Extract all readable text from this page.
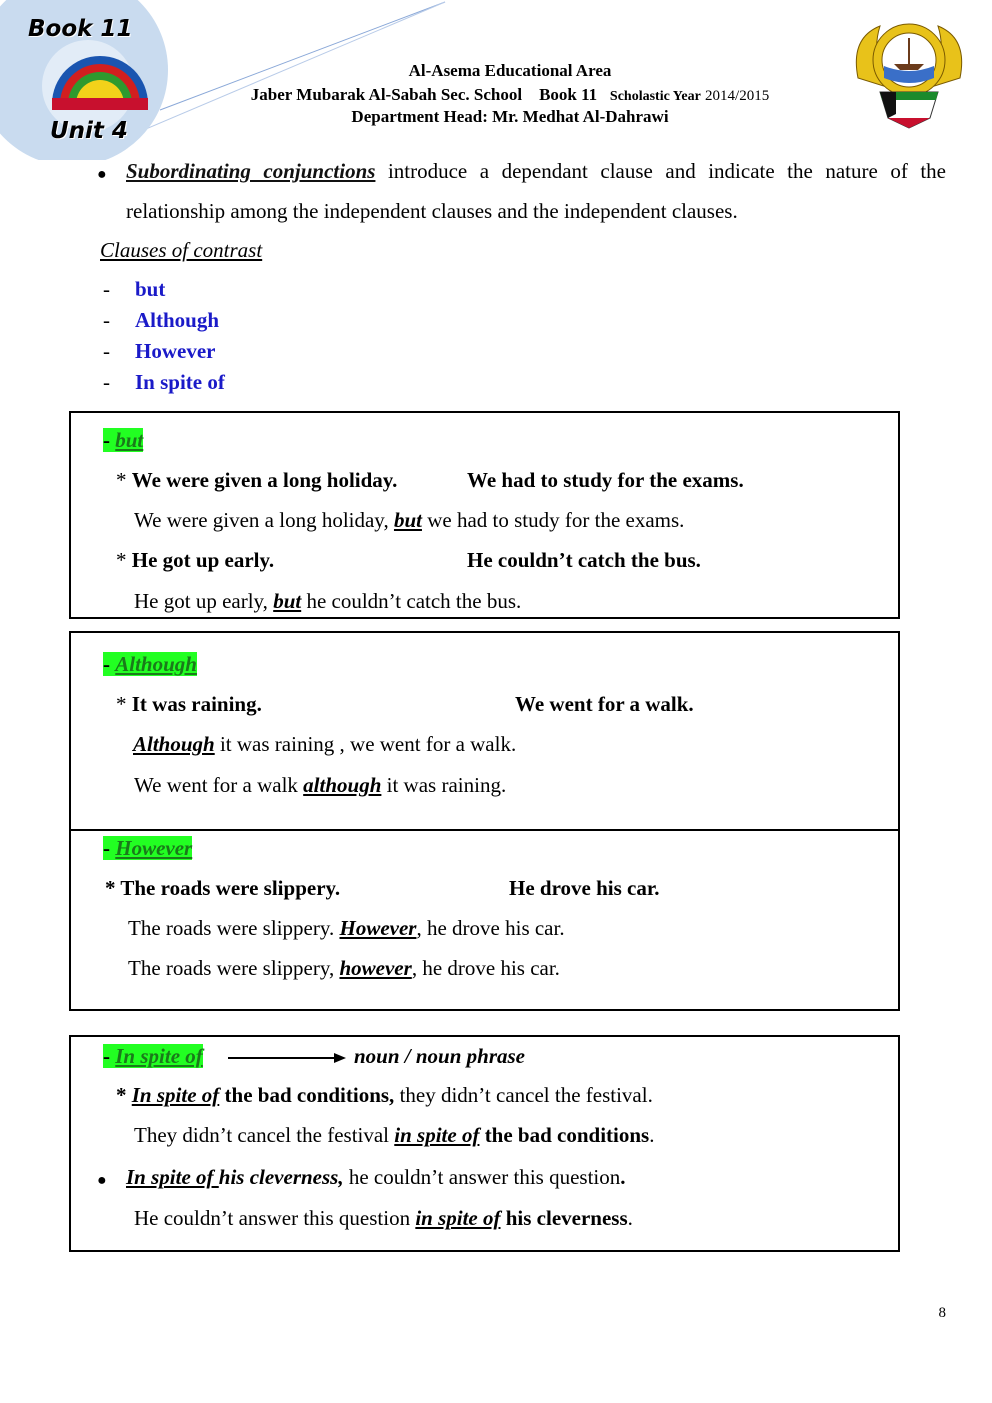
Book 11
Unit 4
Al-Asema Educational Area
Jaber Mubarak Al-Sabah Sec. School Book 11 Scholastic Year 2014/2015
Department Head: Mr. Medhat Al-Dahrawi
● Subordinating conjunctions introduce a dependant clause and indicate the nature of the relationship among the independent clauses and the independent clauses.
Clauses of contrast
-	but
-	Although
-	However
-	In spite of
- but
* We were given a long holiday.	We had to study for the exams.
We were given a long holiday, but we had to study for the exams.
* He got up early.	He couldn’t catch the bus.
He got up early, but he couldn’t catch the bus.
- Although
* It was raining.	We went for a walk.
Although it was raining , we went for a walk.
We went for a walk although it was raining.
- However
* The roads were slippery.	He drove his car.
The roads were slippery. However, he drove his car.
The roads were slippery, however, he drove his car.
- In spite of	noun / noun phrase
* In spite of the bad conditions, they didn’t cancel the festival.
They didn’t cancel the festival in spite of the bad conditions.
● In spite of his cleverness, he couldn’t answer this question.
He couldn’t answer this question in spite of his cleverness.
8
